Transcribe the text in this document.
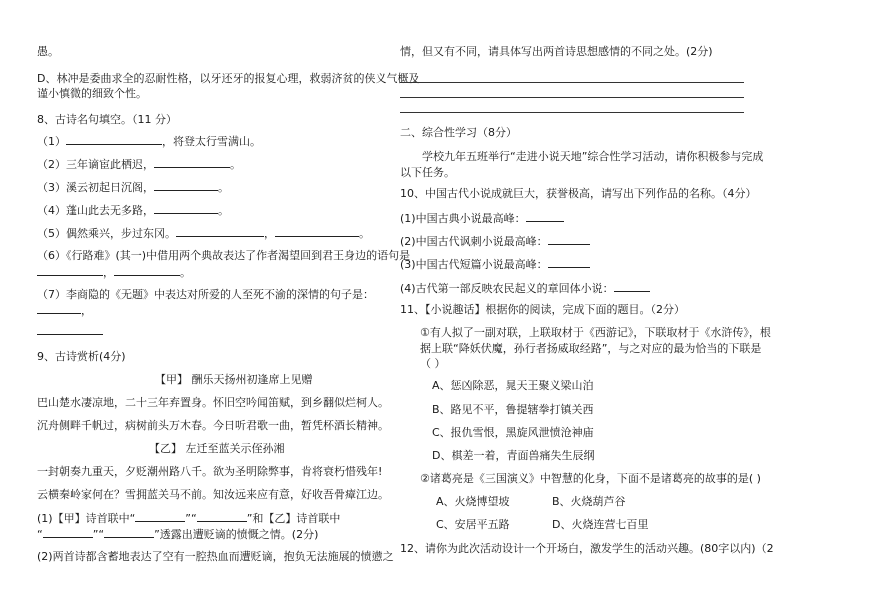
愚。
D、林冲是委曲求全的忍耐性格，以牙还牙的报复心理，救弱济贫的侠义气概及
谨小慎微的细致个性。
8、古诗名句填空。（11 分）
（1）	，将登太行雪满山。
（2）三年谪宦此栖迟，	。
（3）溪云初起日沉阁，	。
（4）蓬山此去无多路，	。
（5）偶然乘兴，步过东冈。	，	。
（6）《行路难》(其一)中借用两个典故表达了作者渴望回到君王身边的语句是
，	。
（7）李商隐的《无题》中表达对所爱的人至死不渝的深情的句子是：
，
9、古诗赏析(4分)
【甲】 酬乐天扬州初逢席上见赠
巴山楚水凄凉地，二十三年弃置身。怀旧空吟闻笛赋，到乡翻似烂柯人。
沉舟侧畔千帆过，病树前头万木春。今日听君歌一曲，暂凭杯酒长精神。
【乙】 左迁至蓝关示侄孙湘
一封朝奏九重天，夕贬潮州路八千。欲为圣明除弊事，肯将衰朽惜残年!
云横秦岭家何在？雪拥蓝关马不前。知汝远来应有意，好收吾骨瘴江边。
(1)【甲】诗首联中“	”“	”和【乙】诗首联中
“	”“	”透露出遭贬谪的愤慨之情。(2分)
(2)两首诗都含蓄地表达了空有一腔热血而遭贬谪，抱负无法施展的愤懑之
情，但又有不同，请具体写出两首诗思想感情的不同之处。(2分)
二、综合性学习（8分）
学校九年五班举行“走进小说天地”综合性学习活动，请你积极参与完成
以下任务。
10、中国古代小说成就巨大，获誉极高，请写出下列作品的名称。（4分）
(1)中国古典小说最高峰：
(2)中国古代讽刺小说最高峰：
(3)中国古代短篇小说最高峰：
(4)古代第一部反映农民起义的章回体小说：
11、【小说趣话】根据你的阅读，完成下面的题目。（2分）
①有人拟了一副对联，上联取材于《西游记》，下联取材于《水浒传》，根
据上联“降妖伏魔，孙行者扬威取经路”，与之对应的最为恰当的下联是
（ ）
A、惩凶除恶，晁天王聚义梁山泊
B、路见不平，鲁提辖拳打镇关西
C、报仇雪恨，黑旋风泄愤沧神庙
D、棋差一着，青面兽痛失生辰纲
②诸葛亮是《三国演义》中智慧的化身，下面不是诸葛亮的故事的是( )
A、火烧博望坡	B、火烧葫芦谷
C、安居平五路	D、火烧连营七百里
12、请你为此次活动设计一个开场白，激发学生的活动兴趣。(80字以内)（2
